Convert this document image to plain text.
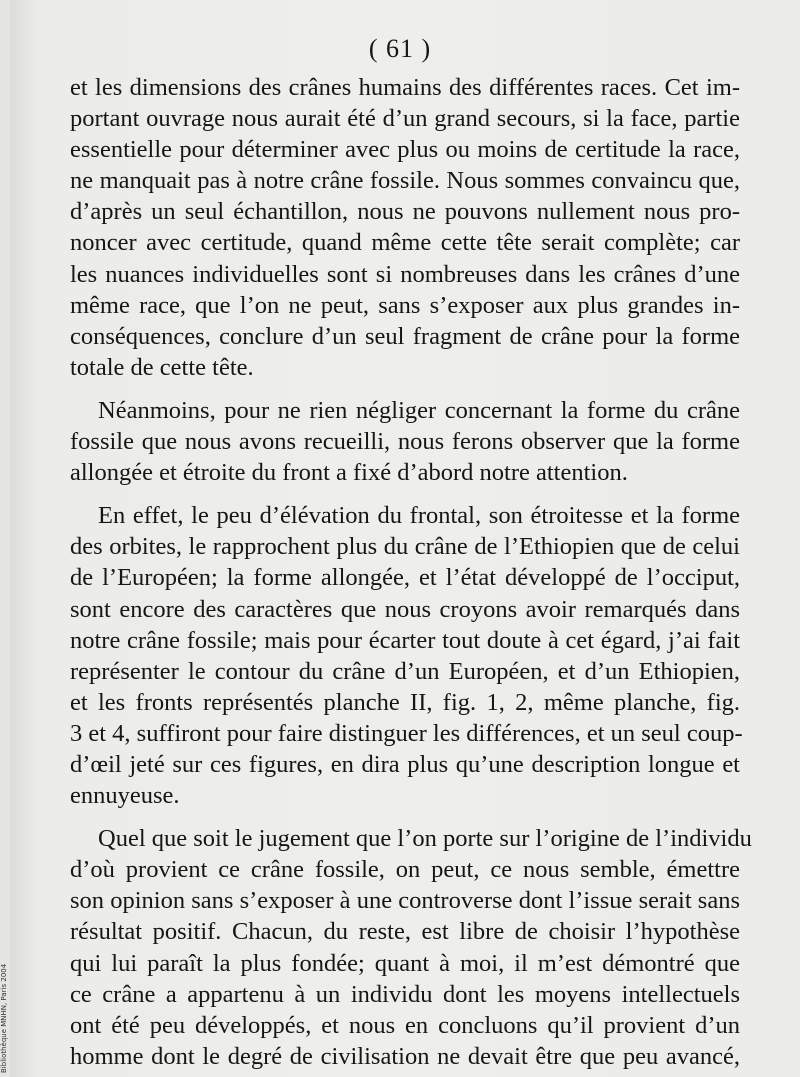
( 61 )
et les dimensions des crânes humains des différentes races. Cet im-
portant ouvrage nous aurait été d’un grand secours, si la face, partie
essentielle pour déterminer avec plus ou moins de certitude la race,
ne manquait pas à notre crâne fossile. Nous sommes convaincu que,
d’après un seul échantillon, nous ne pouvons nullement nous pro-
noncer avec certitude, quand même cette tête serait complète; car
les nuances individuelles sont si nombreuses dans les crânes d’une
même race, que l’on ne peut, sans s’exposer aux plus grandes in-
conséquences, conclure d’un seul fragment de crâne pour la forme
totale de cette tête.
Néanmoins, pour ne rien négliger concernant la forme du crâne
fossile que nous avons recueilli, nous ferons observer que la forme
allongée et étroite du front a fixé d’abord notre attention.
En effet, le peu d’élévation du frontal, son étroitesse et la forme
des orbites, le rapprochent plus du crâne de l’Ethiopien que de celui
de l’Européen; la forme allongée, et l’état développé de l’occiput,
sont encore des caractères que nous croyons avoir remarqués dans
notre crâne fossile; mais pour écarter tout doute à cet égard, j’ai fait
représenter le contour du crâne d’un Européen, et d’un Ethiopien,
et les fronts représentés planche II, fig. 1, 2, même planche, fig.
3 et 4, suffiront pour faire distinguer les différences, et un seul coup-
d’œil jeté sur ces figures, en dira plus qu’une description longue et
ennuyeuse.
Quel que soit le jugement que l’on porte sur l’origine de l’individu
d’où provient ce crâne fossile, on peut, ce nous semble, émettre
son opinion sans s’exposer à une controverse dont l’issue serait sans
résultat positif. Chacun, du reste, est libre de choisir l’hypothèse
qui lui paraît la plus fondée; quant à moi, il m’est démontré que
ce crâne a appartenu à un individu dont les moyens intellectuels
ont été peu développés, et nous en concluons qu’il provient d’un
homme dont le degré de civilisation ne devait être que peu avancé,
Bibliothèque MNHN, Paris 2004
